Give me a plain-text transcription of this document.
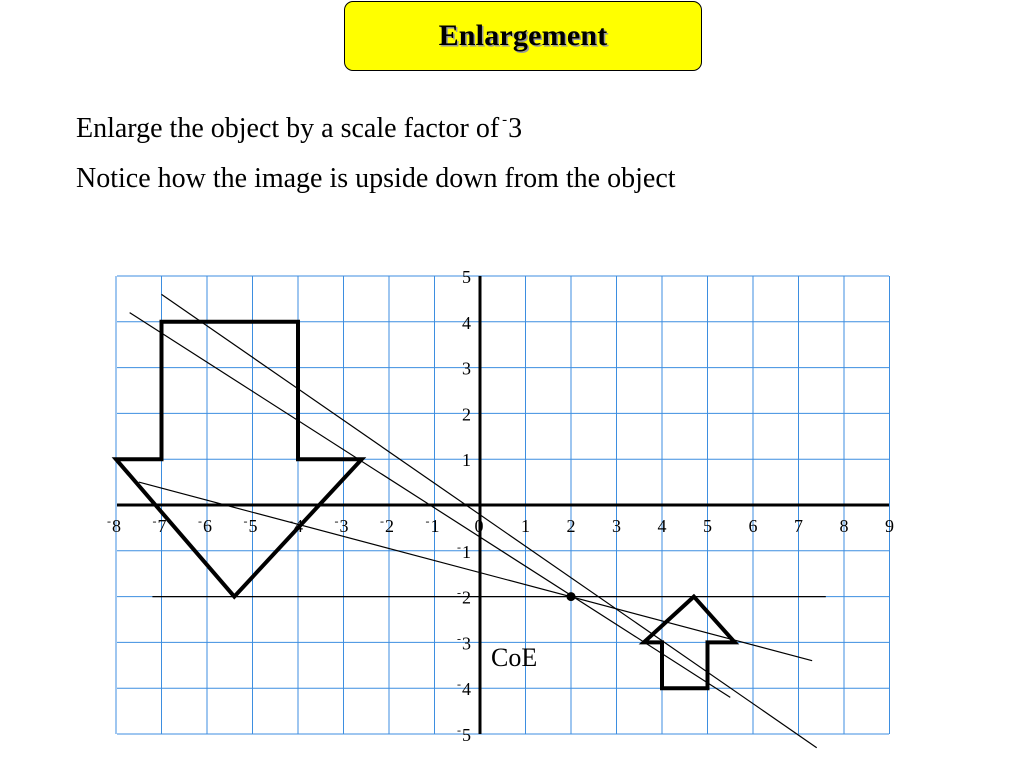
Enlargement
Enlarge the object by a scale factor of -3
Notice how the image is upside down from the object
-8	-7	-6	-5	-4	-3	-2	-1	1 2 3 4 5 6 7 8 9
5
4
3
2
1
-1
-2
-3
-4
-5
0
CoE
